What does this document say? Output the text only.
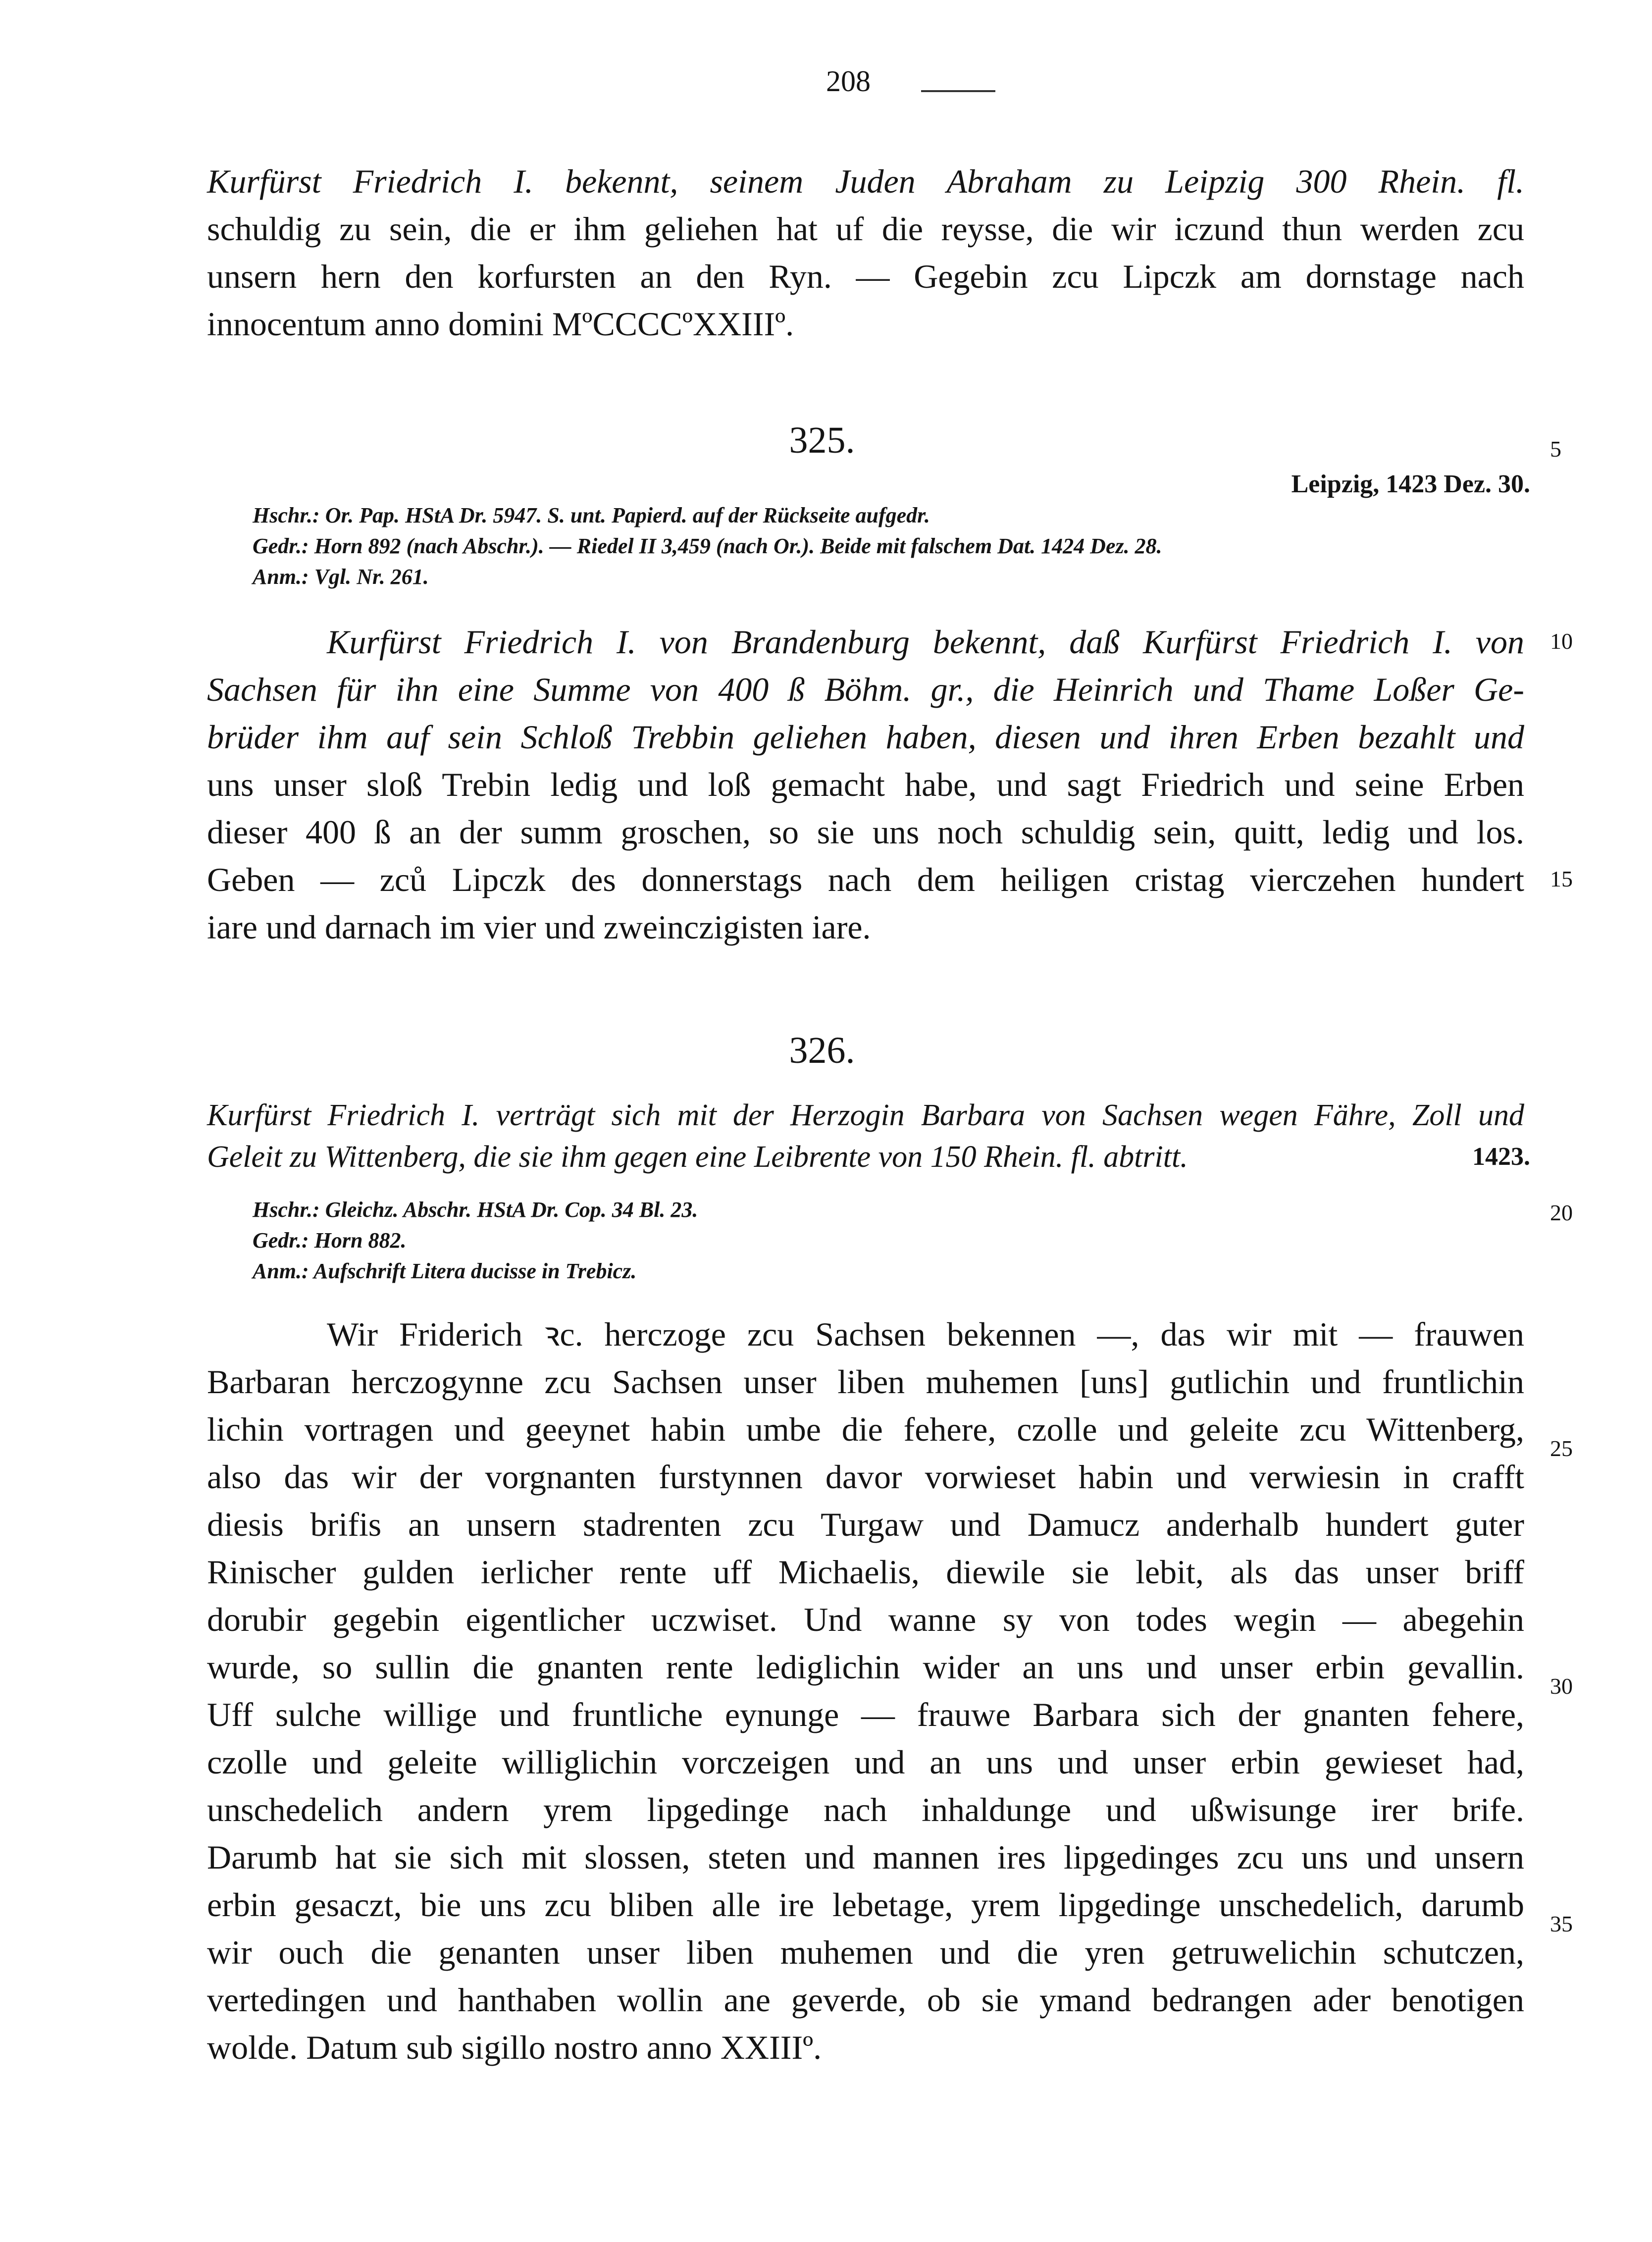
208
Kurfürst Friedrich I. bekennt, seinem Juden Abraham zu Leipzig 300 Rhein. fl.
schuldig zu sein, die er ihm geliehen hat uf die reysse, die wir iczund thun werden zcu
unsern hern den korfursten an den Ryn. — Gegebin zcu Lipczk am dornstage nach
innocentum anno domini MºCCCCºXXIIIº.
325.	5
Leipzig, 1423 Dez. 30.
Hschr.: Or. Pap. HStA Dr. 5947. S. unt. Papierd. auf der Rückseite aufgedr.
Gedr.: Horn 892 (nach Abschr.). — Riedel II 3,459 (nach Or.). Beide mit falschem Dat. 1424 Dez. 28.
Anm.: Vgl. Nr. 261.
Kurfürst Friedrich I. von Brandenburg bekennt, daß Kurfürst Friedrich I. von
Sachsen für ihn eine Summe von 400 ß Böhm. gr., die Heinrich und Thame Loßer Ge-
brüder ihm auf sein Schloß Trebbin geliehen haben, diesen und ihren Erben bezahlt und
uns unser sloß Trebin ledig und loß gemacht habe, und sagt Friedrich und seine Erben
dieser 400 ß an der summ groschen, so sie uns noch schuldig sein, quitt, ledig und los.
Geben — zců Lipczk des donnerstags nach dem heiligen cristag vierczehen hundert
iare und darnach im vier und zweinczigisten iare.
10
15
326.
Kurfürst Friedrich I. verträgt sich mit der Herzogin Barbara von Sachsen wegen Fähre, Zoll und
Geleit zu Wittenberg, die sie ihm gegen eine Leibrente von 150 Rhein. fl. abtritt.	1423.
Hschr.: Gleichz. Abschr. HStA Dr. Cop. 34 Bl. 23.
Gedr.: Horn 882.
Anm.: Aufschrift Litera ducisse in Trebicz.
20
Wir Friderich ꝛc. herczoge zcu Sachsen bekennen —, das wir mit — frauwen
Barbaran herczogynne zcu Sachsen unser liben muhemen [uns] gutlichin und fruntlichin
lichin vortragen und geeynet habin umbe die fehere, czolle und geleite zcu Wittenberg,
also das wir der vorgnanten furstynnen davor vorwieset habin und verwiesin in crafft
diesis brifis an unsern stadrenten zcu Turgaw und Damucz anderhalb hundert guter
Rinischer gulden ierlicher rente uff Michaelis, diewile sie lebit, als das unser briff
dorubir gegebin eigentlicher uczwiset. Und wanne sy von todes wegin — abegehin
wurde, so sullin die gnanten rente lediglichin wider an uns und unser erbin gevallin.
Uff sulche willige und fruntliche eynunge — frauwe Barbara sich der gnanten fehere,
czolle und geleite williglichin vorczeigen und an uns und unser erbin gewieset had,
unschedelich andern yrem lipgedinge nach inhaldunge und ußwisunge irer brife.
Darumb hat sie sich mit slossen, steten und mannen ires lipgedinges zcu uns und unsern
erbin gesaczt, bie uns zcu bliben alle ire lebetage, yrem lipgedinge unschedelich, darumb
wir ouch die genanten unser liben muhemen und die yren getruwelichin schutczen,
vertedingen und hanthaben wollin ane geverde, ob sie ymand bedrangen ader benotigen
wolde. Datum sub sigillo nostro anno XXIIIº.
25
30
35
